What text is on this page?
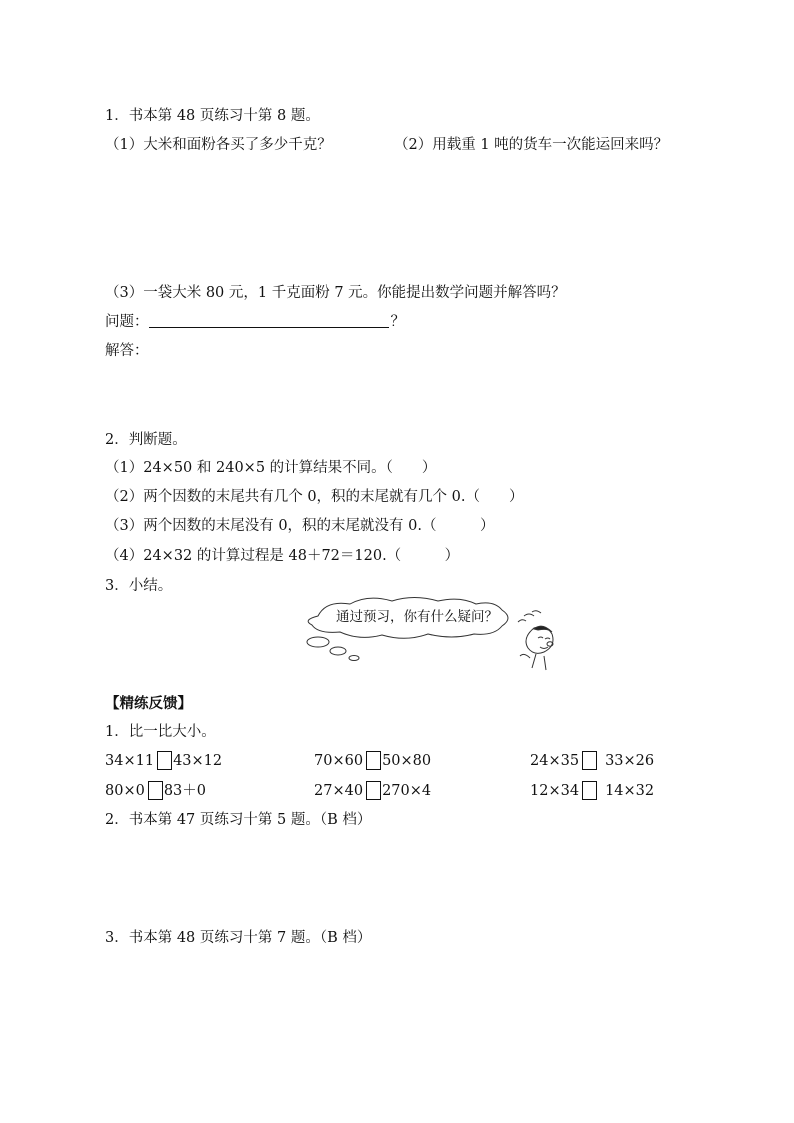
1．书本第 48 页练习十第 8 题。
（1）大米和面粉各买了多少千克？	（2）用载重 1 吨的货车一次能运回来吗？
（3）一袋大米 80 元，1 千克面粉 7 元。你能提出数学问题并解答吗？
问题：	？
解答：
2．判断题。
（1）24×50 和 240×5 的计算结果不同。（　　）
（2）两个因数的末尾共有几个 0，积的末尾就有几个 0.（　　）
（3）两个因数的末尾没有 0，积的末尾就没有 0.（　　　）
（4）24×32 的计算过程是 48＋72＝120.（　　　）
3．小结。
通过预习，你有什么疑问？
【精练反馈】
1．比一比大小。
34×11 43×12	70×60 50×80	24×35 33×26
80×0 83＋0	27×40 270×4	12×34 14×32
2．书本第 47 页练习十第 5 题。（B 档）
3．书本第 48 页练习十第 7 题。（B 档）
